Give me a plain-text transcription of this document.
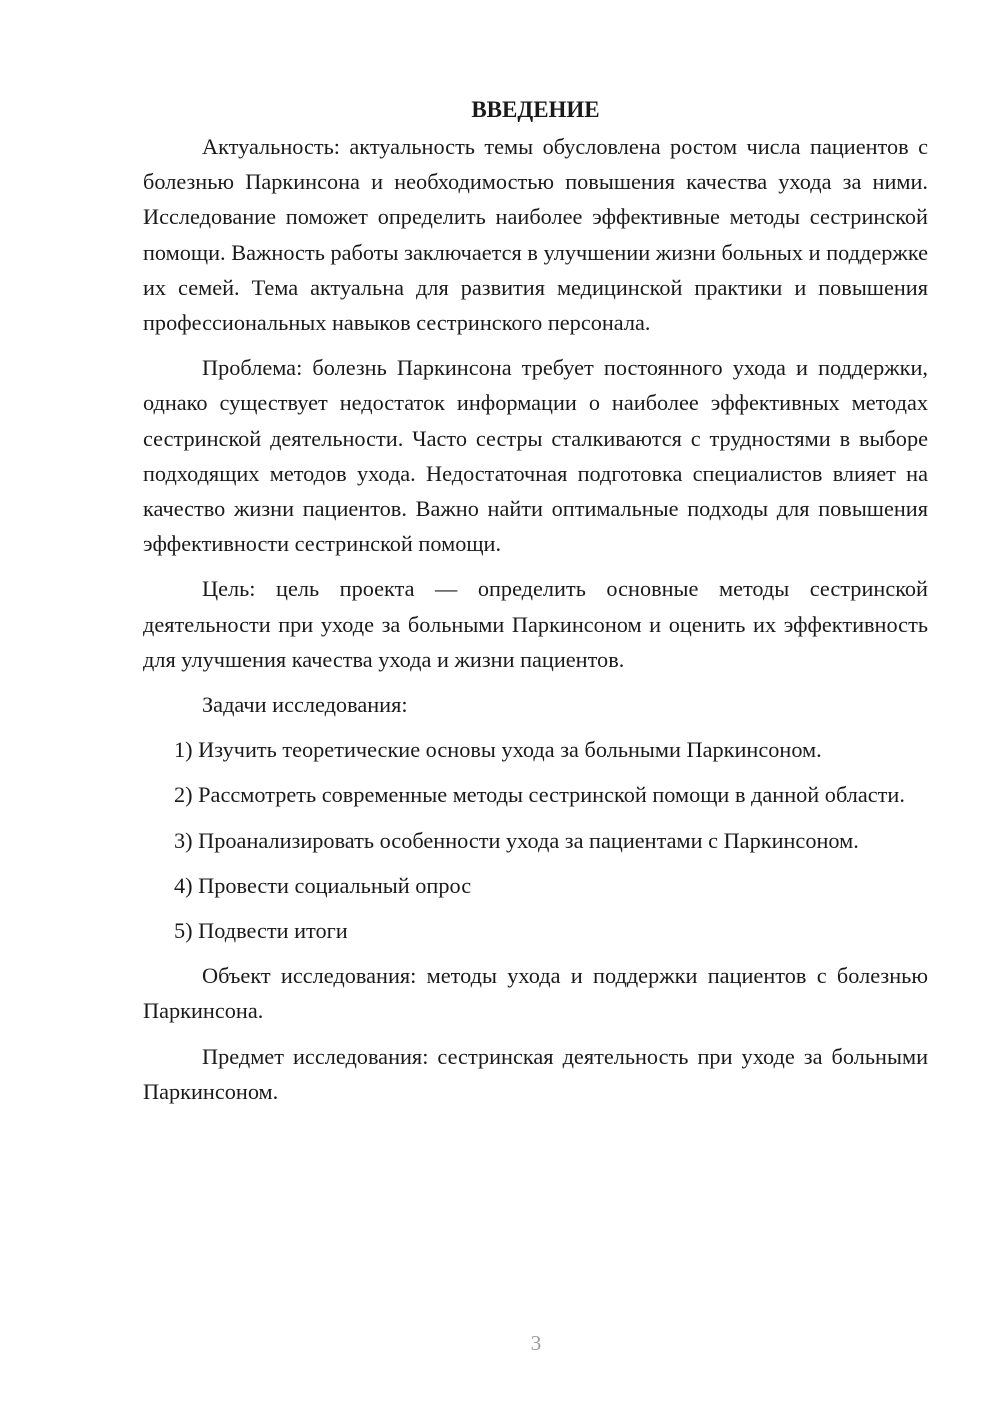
ВВЕДЕНИЕ

Актуальность: актуальность темы обусловлена ростом числа пациентов с болезнью Паркинсона и необходимостью повышения качества ухода за ними. Исследование поможет определить наиболее эффективные методы сестринской помощи. Важность работы заключается в улучшении жизни больных и поддержке их семей. Тема актуальна для развития медицинской практики и повышения профессиональных навыков сестринского персонала.

Проблема: болезнь Паркинсона требует постоянного ухода и поддержки, однако существует недостаток информации о наиболее эффективных методах сестринской деятельности. Часто сестры сталкиваются с трудностями в выборе подходящих методов ухода. Недостаточная подготовка специалистов влияет на качество жизни пациентов. Важно найти оптимальные подходы для повышения эффективности сестринской помощи.

Цель: цель проекта — определить основные методы сестринской деятельности при уходе за больными Паркинсоном и оценить их эффективность для улучшения качества ухода и жизни пациентов.

Задачи исследования:

1) Изучить теоретические основы ухода за больными Паркинсоном.

2) Рассмотреть современные методы сестринской помощи в данной области.

3) Проанализировать особенности ухода за пациентами с Паркинсоном.

4) Провести социальный опрос

5) Подвести итоги

Объект исследования: методы ухода и поддержки пациентов с болезнью Паркинсона.

Предмет исследования: сестринская деятельность при уходе за больными Паркинсоном.

3
